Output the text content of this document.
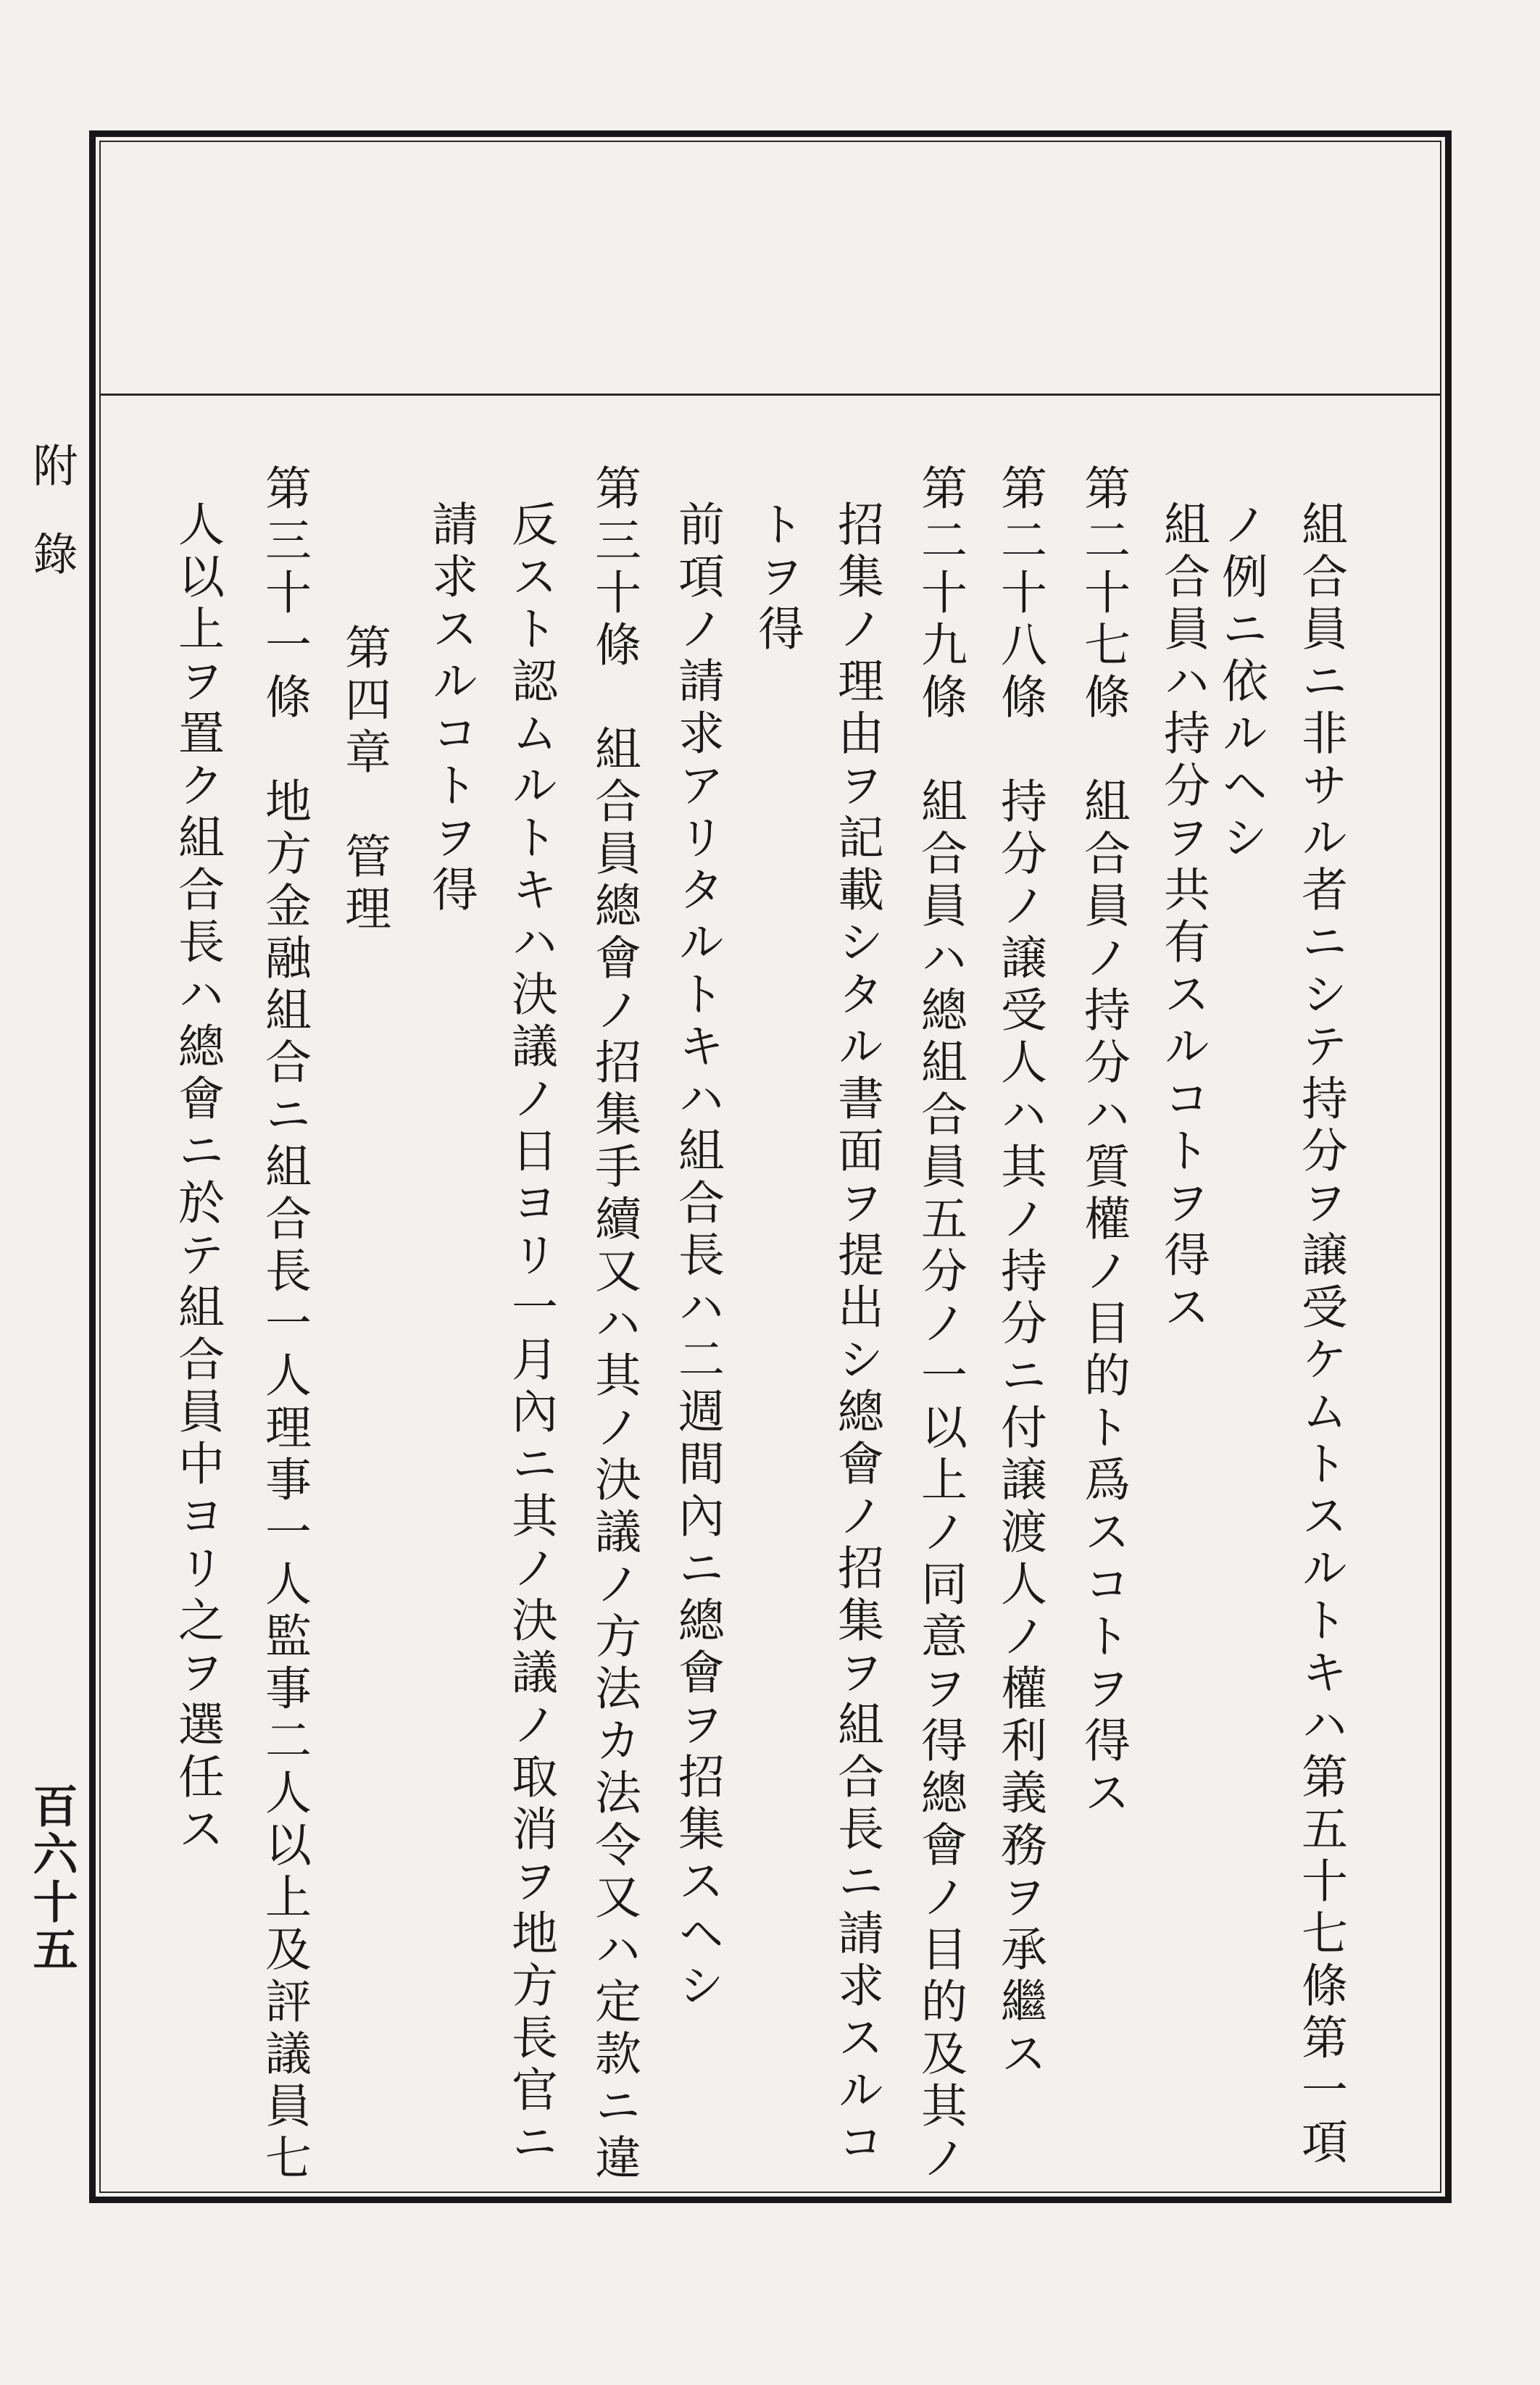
附錄
百六十五	組合員ニ非サル者ニシテ持分ヲ譲受ケムトスルトキハ第五十七條第一項
ノ例ニ依ルヘシ
第二十七條　組合員ノ持分ハ質權ノ目的ト爲スコトヲ得ス 組合員ハ持分ヲ共有スルコトヲ得ス
第二十八條　持分ノ譲受人ハ其ノ持分ニ付譲渡人ノ權利義務ヲ承繼ス
第二十九條　組合員ハ總組合員五分ノ一以上ノ同意ヲ得總會ノ目的及其ノ
招集ノ理由ヲ記載シタル書面ヲ提出シ總會ノ招集ヲ組合長ニ請求スルコ
トヲ得
前項ノ請求アリタルトキハ組合長ハ二週間內ニ總會ヲ招集スヘシ
第三十條　組合員總會ノ招集手續又ハ其ノ決議ノ方法カ法令又ハ定款ニ違
反スト認ムルトキハ決議ノ日ヨリ一月內ニ其ノ決議ノ取消ヲ地方長官ニ
請求スルコトヲ得
第四章　管理
第三十一條　地方金融組合ニ組合長一人理事一人監事二人以上及評議員七
人以上ヲ置ク組合長ハ總會ニ於テ組合員中ヨリ之ヲ選任ス
